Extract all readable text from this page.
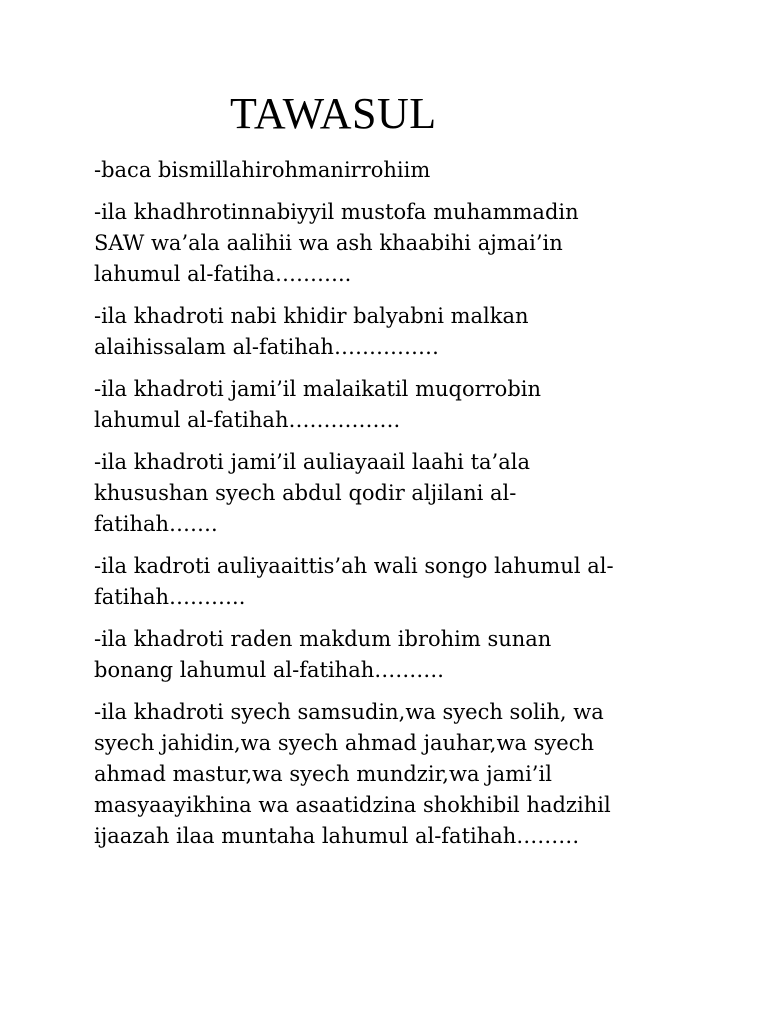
TAWASUL

-baca bismillahirohmanirrohiim

-ila khadhrotinnabiyyil mustofa muhammadin
SAW wa’ala aalihii wa ash khaabihi ajmai’in
lahumul al-fatiha………..

-ila khadroti nabi khidir balyabni malkan
alaihissalam al-fatihah……………

-ila khadroti jami’il malaikatil muqorrobin
lahumul al-fatihah…………….

-ila khadroti jami’il auliayaail laahi ta’ala
khusushan syech abdul qodir aljilani al-
fatihah…….

-ila kadroti auliyaaittis’ah wali songo lahumul al-
fatihah………..

-ila khadroti raden makdum ibrohim sunan
bonang lahumul al-fatihah……….

-ila khadroti syech samsudin,wa syech solih, wa
syech jahidin,wa syech ahmad jauhar,wa syech
ahmad mastur,wa syech mundzir,wa jami’il
masyaayikhina wa asaatidzina shokhibil hadzihil
ijaazah ilaa muntaha lahumul al-fatihah………
